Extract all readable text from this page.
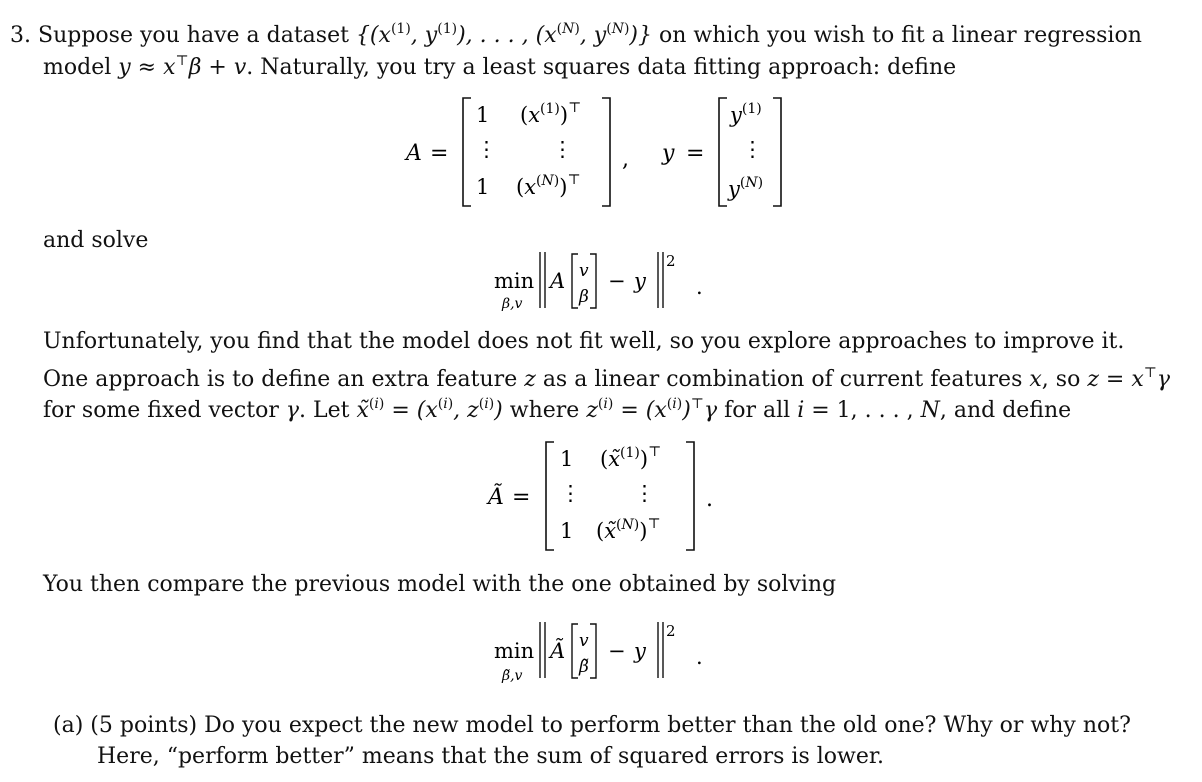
3. Suppose you have a dataset {($x^{(1)}$, $y^{(1)}$), . . . , ($x^{(N)}$, $y^{(N)}$)} on which you wish to fit a linear regression
model y ≈ x⊤β + v. Naturally, you try a least squares data fitting approach: define
A =
1
⋮
1
$(x^{(1)})^⊤$
⋮
(x(N))⊤
, y =
$y^{(1)}$
⋮
y(N)
and solve
min
β,v
A v
β
− y
2
.
Unfortunately, you find that the model does not fit well, so you explore approaches to improve it.
One approach is to define an extra feature z as a linear combination of current features x, so z = x⊤γ
for some fixed vector γ. Let x̃$^{(i)}$ = ($x^{(i)}$, $z^{(i)}$) where $z^{(i)} = (x^{(i)})^⊤\gamma$ for all i = 1, . . . , N, and define
Ã =
1
⋮
1
(x̃$^{(1)}$)⊤
⋮
(x̃(N))⊤
.
You then compare the previous model with the one obtained by solving
min
β̃,v
Ã v
β̃
− y
2
.
(a) (5 points) Do you expect the new model to perform better than the old one? Why or why not?
Here, “perform better” means that the sum of squared errors is lower.
